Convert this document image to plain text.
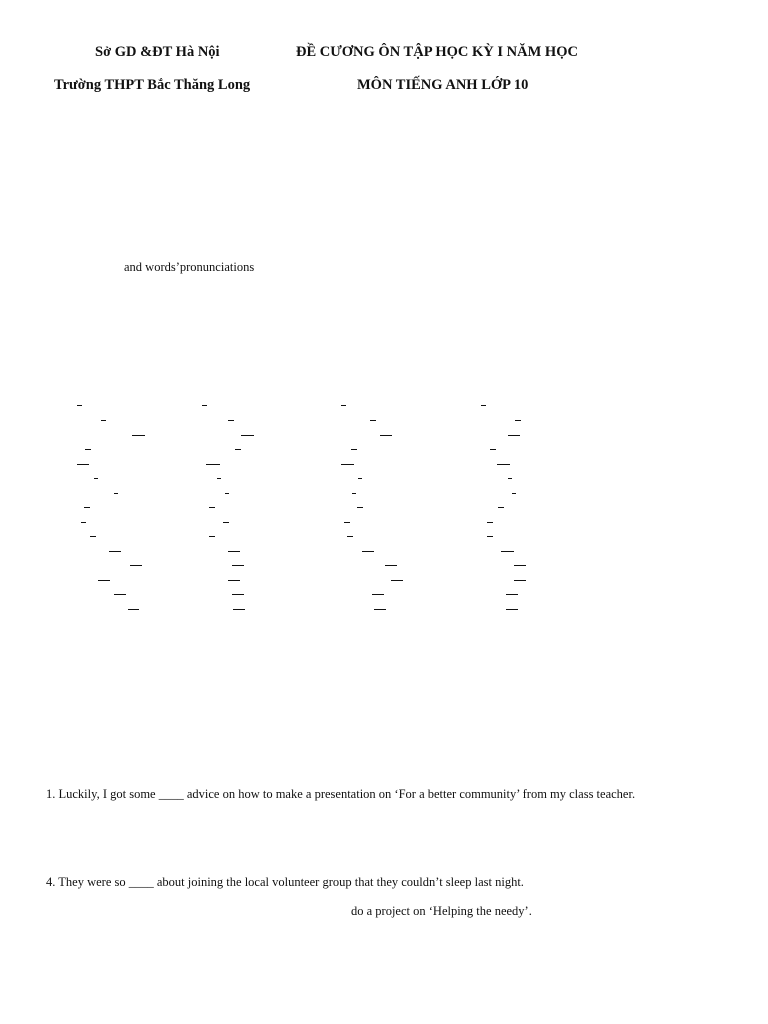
Sở GD &ĐT Hà Nội
Trường THPT Bắc Thăng Long
ĐỀ CƯƠNG ÔN TẬP HỌC KỲ I NĂM HỌC
MÔN TIẾNG ANH LỚP 10
and words’pronunciations
1. Luckily, I got some ____ advice on how to make a presentation on ‘For a better community’ from my class teacher.
4. They were so ____ about joining the local volunteer group that they couldn’t sleep last night.
do a project on ‘Helping the needy’.
